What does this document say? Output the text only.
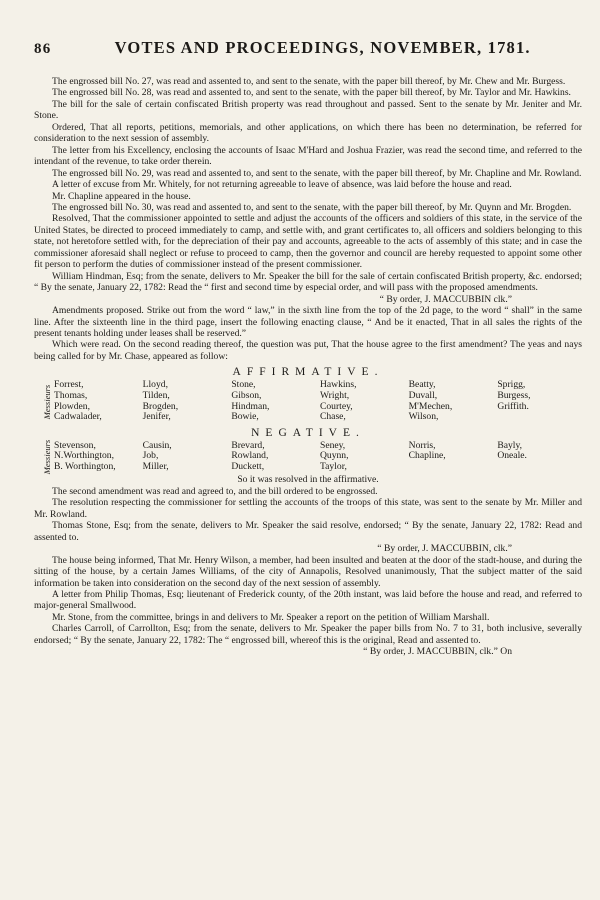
86	VOTES AND PROCEEDINGS, NOVEMBER, 1781.

The engrossed bill No. 27, was read and assented to, and sent to the senate, with the paper bill thereof, by Mr. Chew and Mr. Burgess.

The engrossed bill No. 28, was read and assented to, and sent to the senate, with the paper bill thereof, by Mr. Taylor and Mr. Hawkins.

The bill for the sale of certain confiscated British property was read throughout and passed. Sent to the senate by Mr. Jeniter and Mr. Stone.

Ordered, That all reports, petitions, memorials, and other applications, on which there has been no determination, be referred for consideration to the next session of assembly.

The letter from his Excellency, enclosing the accounts of Isaac M'Hard and Joshua Frazier, was read the second time, and referred to the intendant of the revenue, to take order therein.

The engrossed bill No. 29, was read and assented to, and sent to the senate, with the paper bill thereof, by Mr. Chapline and Mr. Rowland.

A letter of excuse from Mr. Whitely, for not returning agreeable to leave of absence, was laid before the house and read.

Mr. Chapline appeared in the house.

The engrossed bill No. 30, was read and assented to, and sent to the senate, with the paper bill thereof, by Mr. Quynn and Mr. Brogden.

Resolved, That the commissioner appointed to settle and adjust the accounts of the officers and soldiers of this state, in the service of the United States, be directed to proceed immediately to camp, and settle with, and grant certificates to, all officers and soldiers belonging to this state, not heretofore settled with, for the depreciation of their pay and accounts, agreeable to the acts of assembly of this state; and in case the commissioner aforesaid shall neglect or refuse to proceed to camp, then the governor and council are hereby requested to appoint some other fit person to perform the duties of commissioner instead of the present commissioner.

William Hindman, Esq; from the senate, delivers to Mr. Speaker the bill for the sale of certain confiscated British property, &c. endorsed; “ By the senate, January 22, 1782: Read the “ first and second time by especial order, and will pass with the proposed amendments.

“ By order, J. MACCUBBIN clk.”

Amendments proposed. Strike out from the word “ law,” in the sixth line from the top of the 2d page, to the word “ shall” in the same line. After the sixteenth line in the third page, insert the following enacting clause, “ And be it enacted, That in all sales the rights of the present tenants holding under leases shall be reserved.”

Which were read. On the second reading thereof, the question was put, That the house agree to the first amendment? The yeas and nays being called for by Mr. Chase, appeared as follow:

AFFIRMATIVE.
Messieurs Forrest,
Thomas,
Plowden,
Cadwalader,
Lloyd,
Tilden,
Brogden,
Jenifer,
Stone,
Gibson,
Hindman,
Bowie,
Hawkins,
Wright,
Courtey,
Chase,
Beatty,
Duvall,
M'Mechen,
Wilson,
Sprigg,
Burgess,
Griffith.
NEGATIVE.
Messieurs Stevenson,
N.Worthington,
B. Worthington,
Causin,
Job,
Miller,
Brevard,
Rowland,
Duckett,
Seney,
Quynn,
Taylor,
Norris,
Chapline,
Bayly,
Oneale.

So it was resolved in the affirmative.

The second amendment was read and agreed to, and the bill ordered to be engrossed.

The resolution respecting the commissioner for settling the accounts of the troops of this state, was sent to the senate by Mr. Miller and Mr. Rowland.

Thomas Stone, Esq; from the senate, delivers to Mr. Speaker the said resolve, endorsed; “ By the senate, January 22, 1782: Read and assented to.

“ By order, J. MACCUBBIN, clk.”

The house being informed, That Mr. Henry Wilson, a member, had been insulted and beaten at the door of the stadt-house, and during the sitting of the house, by a certain James Williams, of the city of Annapolis, Resolved unanimously, That the subject matter of the said information be taken into consideration on the second day of the next session of assembly.

A letter from Philip Thomas, Esq; lieutenant of Frederick county, of the 20th instant, was laid before the house and read, and referred to major-general Smallwood.

Mr. Stone, from the committee, brings in and delivers to Mr. Speaker a report on the petition of William Marshall.

Charles Carroll, of Carrollton, Esq; from the senate, delivers to Mr. Speaker the paper bills from No. 7 to 31, both inclusive, severally endorsed; “ By the senate, January 22, 1782: The “ engrossed bill, whereof this is the original, Read and assented to.

“ By order, J. MACCUBBIN, clk.” On
